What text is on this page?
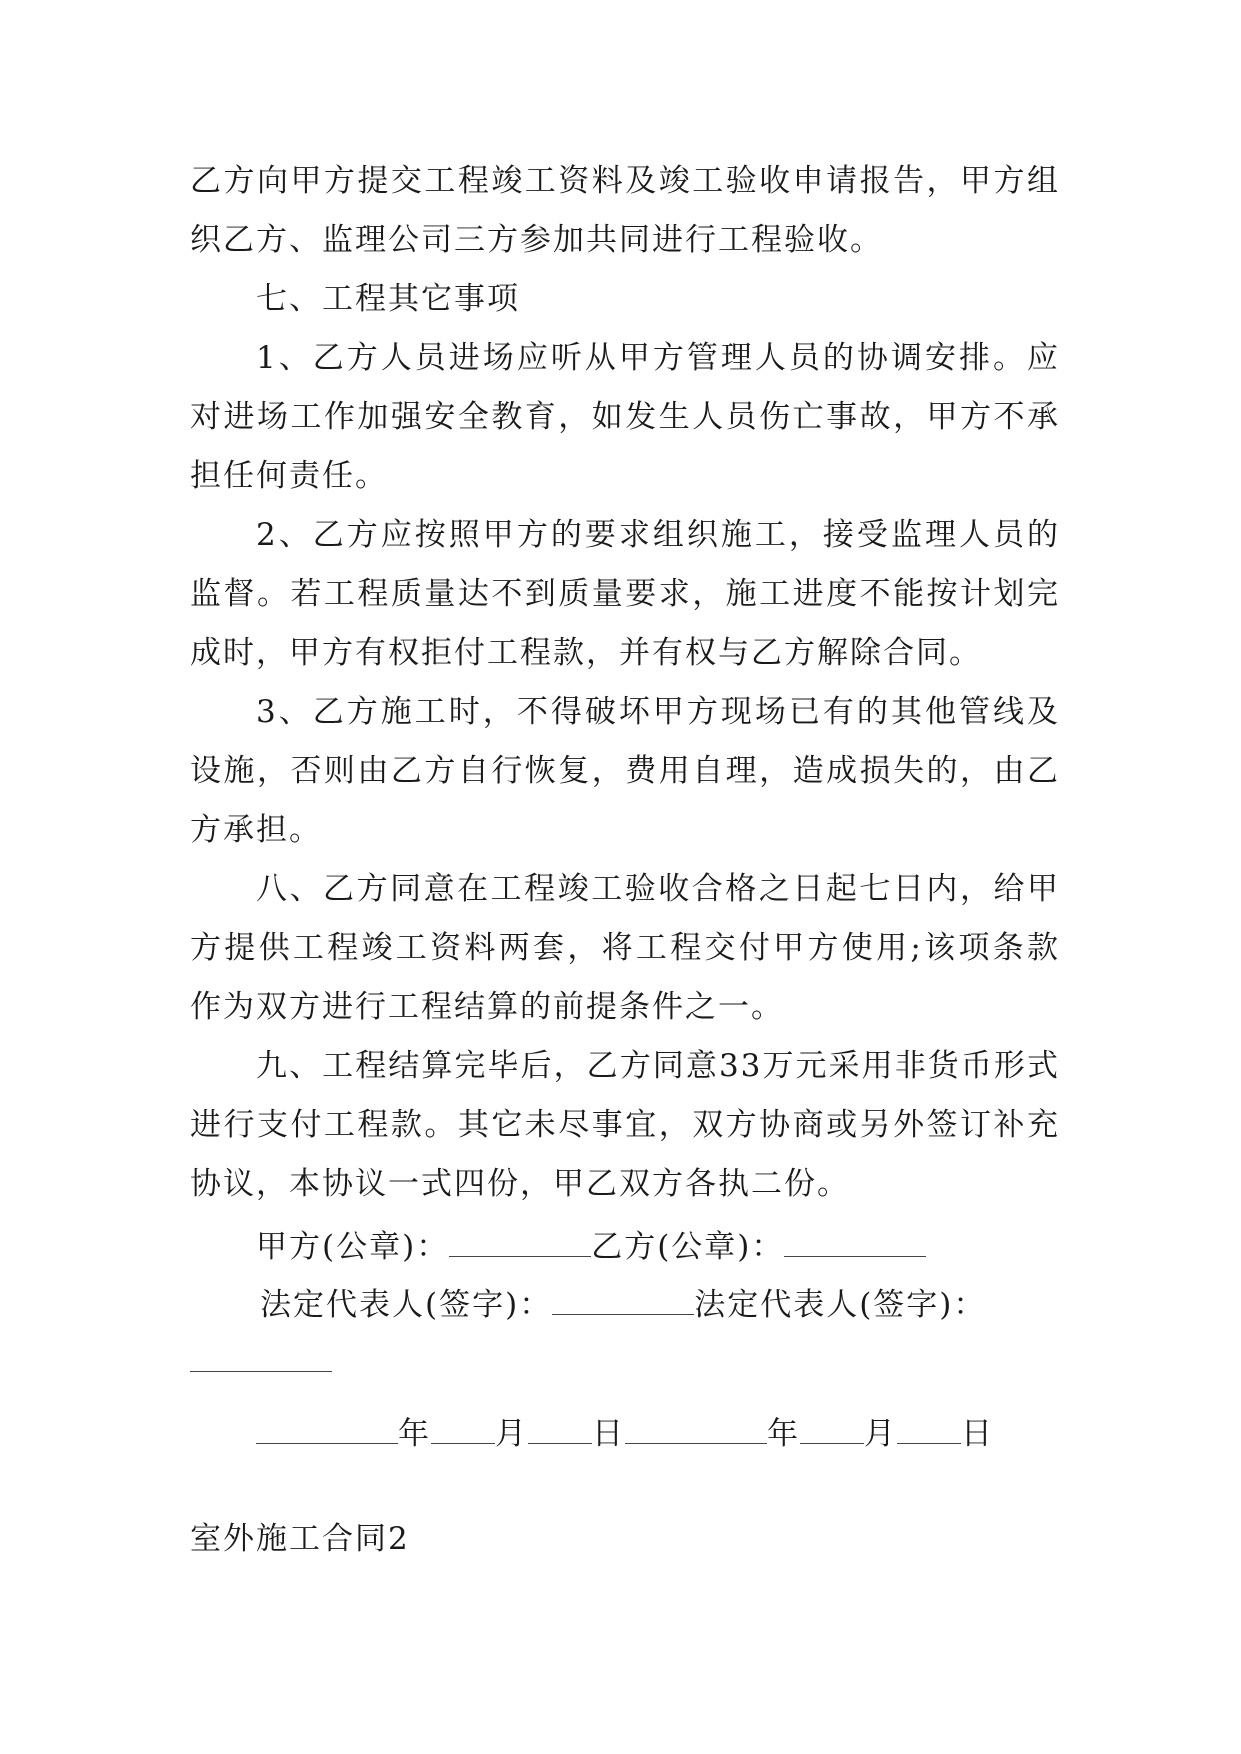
乙方向甲方提交工程竣工资料及竣工验收申请报告，甲方组织乙方、监理公司三方参加共同进行工程验收。

七、工程其它事项

1、乙方人员进场应听从甲方管理人员的协调安排。应对进场工作加强安全教育，如发生人员伤亡事故，甲方不承担任何责任。

2、乙方应按照甲方的要求组织施工，接受监理人员的监督。若工程质量达不到质量要求，施工进度不能按计划完成时，甲方有权拒付工程款，并有权与乙方解除合同。

3、乙方施工时，不得破坏甲方现场已有的其他管线及设施，否则由乙方自行恢复，费用自理，造成损失的，由乙方承担。

八、乙方同意在工程竣工验收合格之日起七日内，给甲方提供工程竣工资料两套，将工程交付甲方使用;该项条款作为双方进行工程结算的前提条件之一。

九、工程结算完毕后，乙方同意33万元采用非货币形式进行支付工程款。其它未尽事宜，双方协商或另外签订补充协议，本协议一式四份，甲乙双方各执二份。

甲方(公章)：	乙方(公章)：
法定代表人(签字)：	法定代表人(签字)：
年 月 日	年 月 日
室外施工合同2
